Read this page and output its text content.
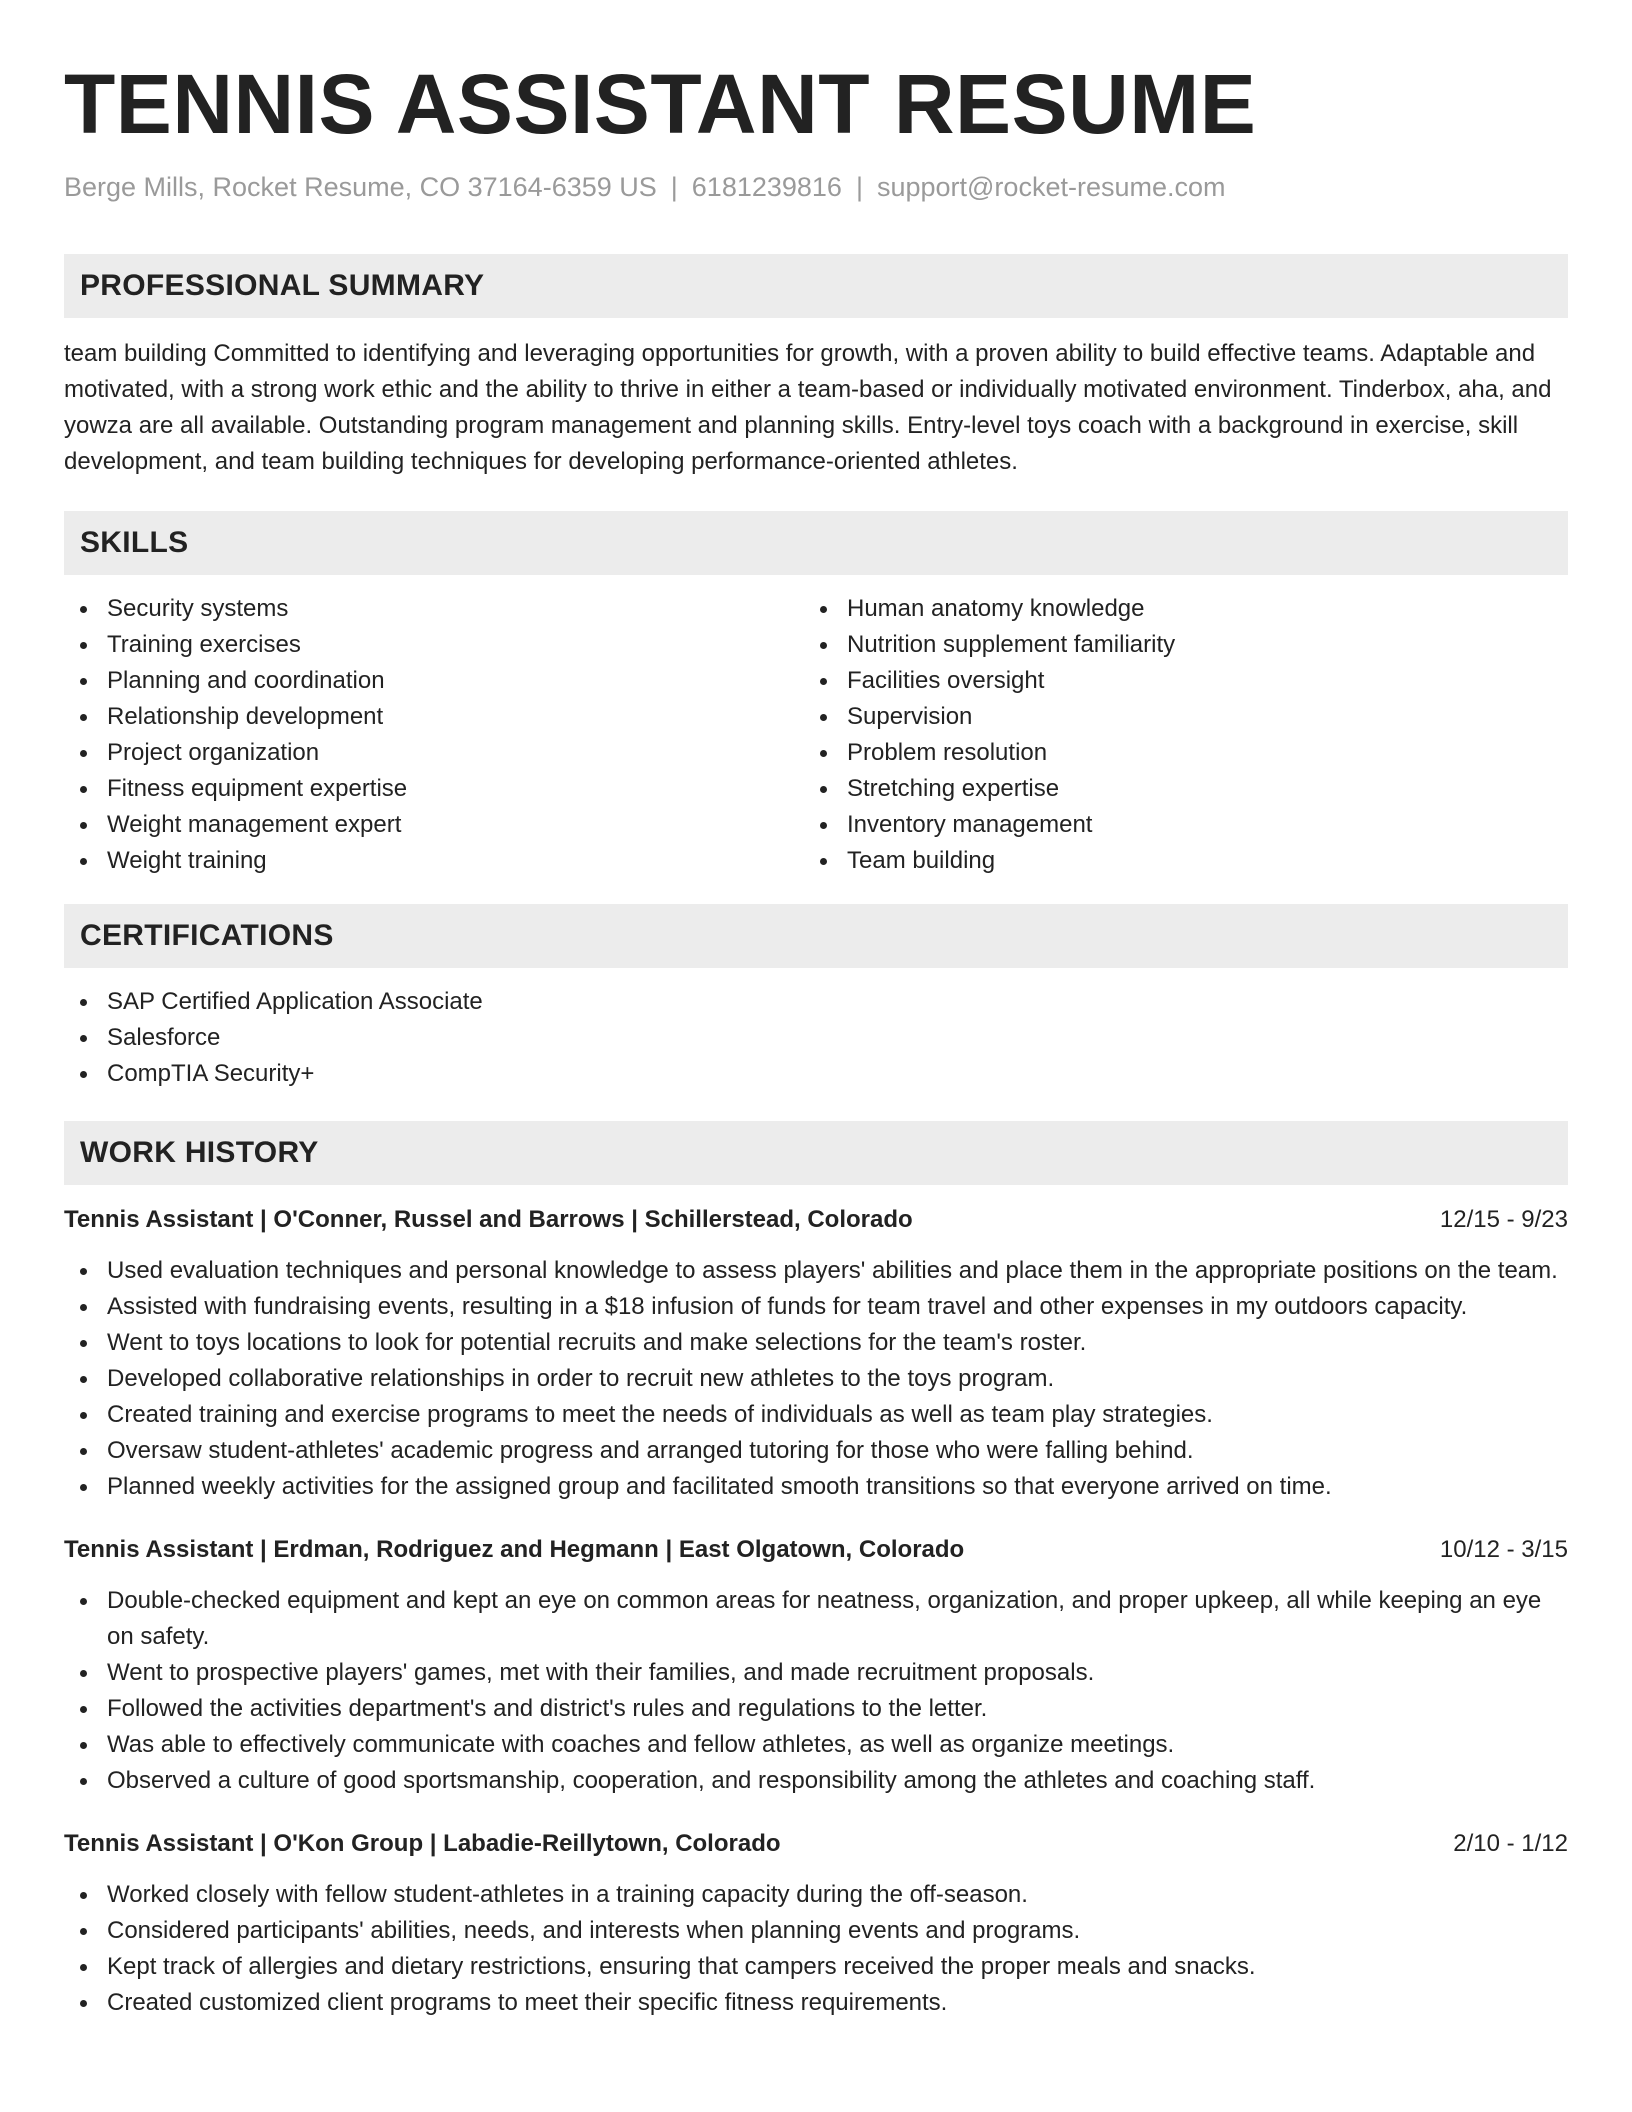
TENNIS ASSISTANT RESUME
Berge Mills, Rocket Resume, CO 37164-6359 US | 6181239816 | support@rocket-resume.com
PROFESSIONAL SUMMARY

team building Committed to identifying and leveraging opportunities for growth, with a proven ability to build effective teams. Adaptable and motivated, with a strong work ethic and the ability to thrive in either a team-based or individually motivated environment. Tinderbox, aha, and yowza are all available. Outstanding program management and planning skills. Entry-level toys coach with a background in exercise, skill development, and team building techniques for developing performance-oriented athletes.

SKILLS
Security systems
Training exercises
Planning and coordination
Relationship development
Project organization
Fitness equipment expertise
Weight management expert
Weight training
Human anatomy knowledge
Nutrition supplement familiarity
Facilities oversight
Supervision
Problem resolution
Stretching expertise
Inventory management
Team building
CERTIFICATIONS
SAP Certified Application Associate
Salesforce
CompTIA Security+
WORK HISTORY
Tennis Assistant | O'Conner, Russel and Barrows | Schillerstead, Colorado	12/15 - 9/23
Used evaluation techniques and personal knowledge to assess players' abilities and place them in the appropriate positions on the team.
Assisted with fundraising events, resulting in a $18 infusion of funds for team travel and other expenses in my outdoors capacity.
Went to toys locations to look for potential recruits and make selections for the team's roster.
Developed collaborative relationships in order to recruit new athletes to the toys program.
Created training and exercise programs to meet the needs of individuals as well as team play strategies.
Oversaw student-athletes' academic progress and arranged tutoring for those who were falling behind.
Planned weekly activities for the assigned group and facilitated smooth transitions so that everyone arrived on time.
Tennis Assistant | Erdman, Rodriguez and Hegmann | East Olgatown, Colorado	10/12 - 3/15
Double-checked equipment and kept an eye on common areas for neatness, organization, and proper upkeep, all while keeping an eye on safety.
Went to prospective players' games, met with their families, and made recruitment proposals.
Followed the activities department's and district's rules and regulations to the letter.
Was able to effectively communicate with coaches and fellow athletes, as well as organize meetings.
Observed a culture of good sportsmanship, cooperation, and responsibility among the athletes and coaching staff.
Tennis Assistant | O'Kon Group | Labadie-Reillytown, Colorado	2/10 - 1/12
Worked closely with fellow student-athletes in a training capacity during the off-season.
Considered participants' abilities, needs, and interests when planning events and programs.
Kept track of allergies and dietary restrictions, ensuring that campers received the proper meals and snacks.
Created customized client programs to meet their specific fitness requirements.
